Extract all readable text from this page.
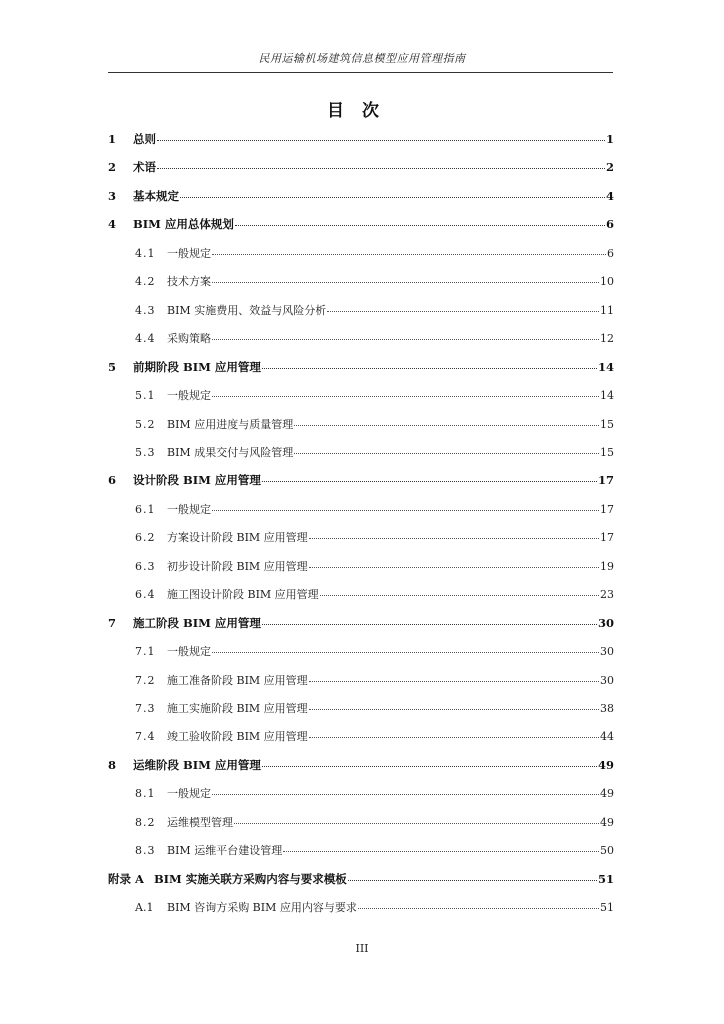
民用运输机场建筑信息模型应用管理指南
目次
1	总则	1
2	术语	2
3	基本规定	4
4	BIM 应用总体规划	6
4.1	一般规定	6
4.2	技术方案	10
4.3	BIM 实施费用、效益与风险分析	11
4.4	采购策略	12
5	前期阶段 BIM 应用管理	14
5.1	一般规定	14
5.2	BIM 应用进度与质量管理	15
5.3	BIM 成果交付与风险管理	15
6	设计阶段 BIM 应用管理	17
6.1	一般规定	17
6.2	方案设计阶段 BIM 应用管理	17
6.3	初步设计阶段 BIM 应用管理	19
6.4	施工图设计阶段 BIM 应用管理	23
7	施工阶段 BIM 应用管理	30
7.1	一般规定	30
7.2	施工准备阶段 BIM 应用管理	30
7.3	施工实施阶段 BIM 应用管理	38
7.4	竣工验收阶段 BIM 应用管理	44
8	运维阶段 BIM 应用管理	49
8.1	一般规定	49
8.2	运维模型管理	49
8.3	BIM 运维平台建设管理	50
附录 A BIM 实施关联方采购内容与要求模板	51
A.1	BIM 咨询方采购 BIM 应用内容与要求	51
III
